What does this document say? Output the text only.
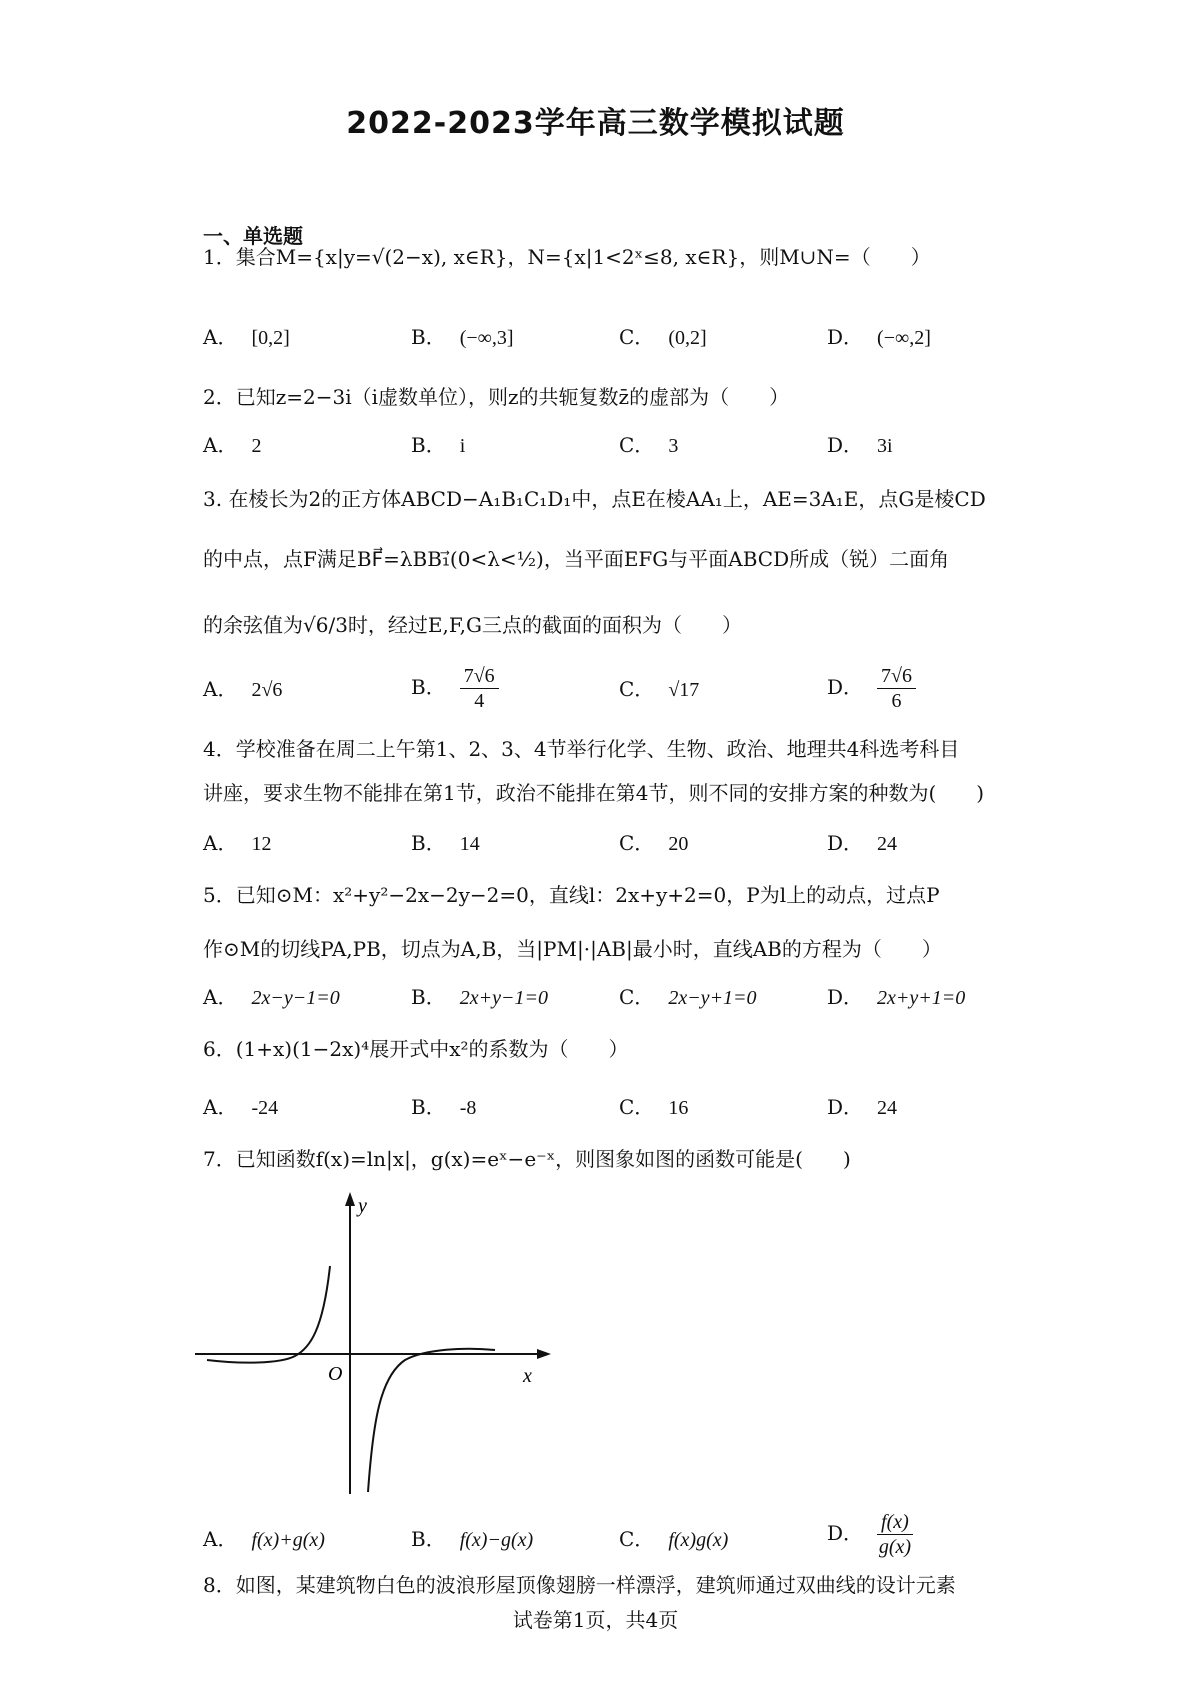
2022-2023学年高三数学模拟试题
一、单选题
1．集合M={x|y=√(2−x), x∈R}，N={x|1<2ˣ≤8, x∈R}，则M∪N=（　　）
A． [0,2]	B． (−∞,3]	C． (0,2]	D． (−∞,2]
2．已知z=2−3i（i虚数单位），则z的共轭复数z̄的虚部为（　　）
A． 2	B． i	C． 3	D． 3i
3. 在棱长为2的正方体ABCD−A₁B₁C₁D₁中，点E在棱AA₁上，AE=3A₁E，点G是棱CD
的中点，点F满足BF⃗=λBB₁⃗(0<λ<½)，当平面EFG与平面ABCD所成（锐）二面角
的余弦值为√6/3时，经过E,F,G三点的截面的面积为（　　）
A． 2√6	B． $\frac{7√6}{4}$	C． √17	D． $\frac{7√6}{6}$
4．学校准备在周二上午第1、2、3、4节举行化学、生物、政治、地理共4科选考科目
讲座，要求生物不能排在第1节，政治不能排在第4节，则不同的安排方案的种数为(　　)
A． 12	B． 14	C． 20	D． 24
5．已知⊙M：x²+y²−2x−2y−2=0，直线l：2x+y+2=0，P为l上的动点，过点P
作⊙M的切线PA,PB，切点为A,B，当|PM|·|AB|最小时，直线AB的方程为（　　）
A． 2x−y−1=0	B． 2x+y−1=0	C． 2x−y+1=0	D． 2x+y+1=0
6．(1+x)(1−2x)⁴展开式中x²的系数为（　　）
A． -24	B． -8	C． 16	D． 24
7．已知函数f(x)=ln|x|，g(x)=eˣ−e⁻ˣ，则图象如图的函数可能是(　　)
y
x
O
A． f(x)+g(x)	B． f(x)−g(x)	C． f(x)g(x)	D． $\frac{f(x)}{g(x)}$
8．如图，某建筑物白色的波浪形屋顶像翅膀一样漂浮，建筑师通过双曲线的设计元素
试卷第1页，共4页
